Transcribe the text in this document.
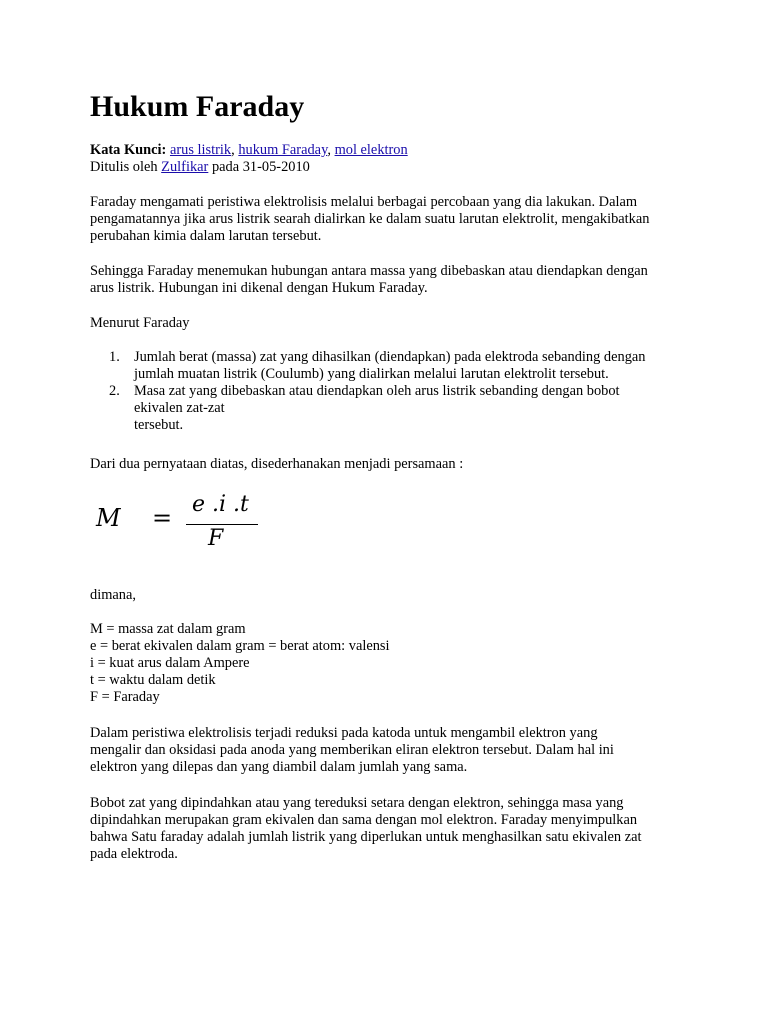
Hukum Faraday
Kata Kunci: arus listrik, hukum Faraday, mol elektron
Ditulis oleh Zulfikar pada 31-05-2010
Faraday mengamati peristiwa elektrolisis melalui berbagai percobaan yang dia lakukan. Dalam
pengamatannya jika arus listrik searah dialirkan ke dalam suatu larutan elektrolit, mengakibatkan
perubahan kimia dalam larutan tersebut.
Sehingga Faraday menemukan hubungan antara massa yang dibebaskan atau diendapkan dengan
arus listrik. Hubungan ini dikenal dengan Hukum Faraday.
Menurut Faraday
1. Jumlah berat (massa) zat yang dihasilkan (diendapkan) pada elektroda sebanding dengan
jumlah muatan listrik (Coulumb) yang dialirkan melalui larutan elektrolit tersebut.
2. Masa zat yang dibebaskan atau diendapkan oleh arus listrik sebanding dengan bobot
ekivalen zat-zat
tersebut.
Dari dua pernyataan diatas, disederhanakan menjadi persamaan :
M = e .i .t
F
dimana,
M = massa zat dalam gram
e = berat ekivalen dalam gram = berat atom: valensi
i = kuat arus dalam Ampere
t = waktu dalam detik
F = Faraday
Dalam peristiwa elektrolisis terjadi reduksi pada katoda untuk mengambil elektron yang
mengalir dan oksidasi pada anoda yang memberikan eliran elektron tersebut. Dalam hal ini
elektron yang dilepas dan yang diambil dalam jumlah yang sama.
Bobot zat yang dipindahkan atau yang tereduksi setara dengan elektron, sehingga masa yang
dipindahkan merupakan gram ekivalen dan sama dengan mol elektron. Faraday menyimpulkan
bahwa Satu faraday adalah jumlah listrik yang diperlukan untuk menghasilkan satu ekivalen zat
pada elektroda.
